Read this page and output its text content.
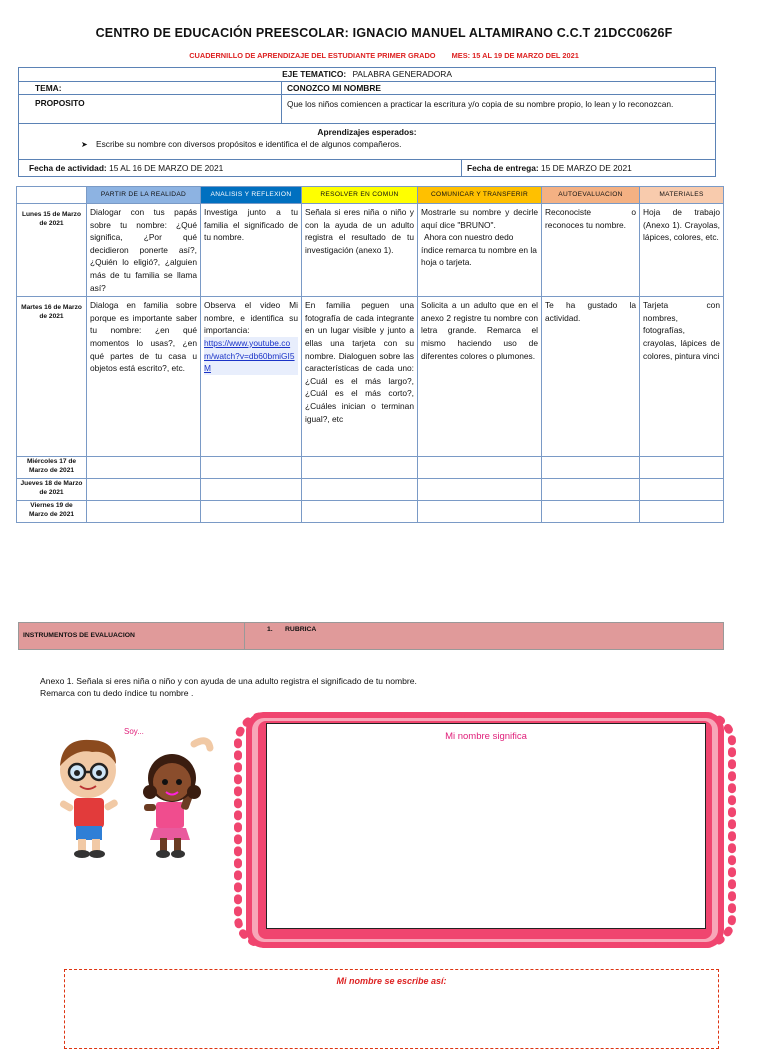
CENTRO DE EDUCACIÓN PREESCOLAR: IGNACIO MANUEL ALTAMIRANO C.C.T 21DCC0626F
CUADERNILLO DE APRENDIZAJE DEL ESTUDIANTE PRIMER GRADO MES: 15 AL 19 DE MARZO DEL 2021
EJE TEMATICO: PALABRA GENERADORA
TEMA:	CONOZCO MI NOMBRE
PROPOSITO	Que los niños comiencen a practicar la escritura y/o copia de su nombre propio, lo lean y lo reconozcan.
Aprendizajes esperados:
➤ Escribe su nombre con diversos propósitos e identifica el de algunos compañeros.
Fecha de actividad: 15 AL 16 DE MARZO DE 2021	Fecha de entrega: 15 DE MARZO DE 2021
	PARTIR DE LA REALIDAD	ANALISIS Y REFLEXION	RESOLVER EN COMUN	COMUNICAR Y TRANSFERIR	AUTOEVALUACION	MATERIALES
Lunes 15 de Marzo de 2021	Dialogar con tus papás sobre tu nombre: ¿Qué significa, ¿Por qué decidieron ponerte así?, ¿Quién lo eligió?, ¿alguien más de tu familia se llama así?	Investiga junto a tu familia el significado de tu nombre.	Señala si eres niña o niño y con la ayuda de un adulto registra el resultado de tu investigación (anexo 1).	Mostrarle su nombre y decirle aquí dice "BRUNO".
Ahora con nuestro dedo índice remarca tu nombre en la hoja o tarjeta.	Reconociste o reconoces tu nombre.	Hoja de trabajo (Anexo 1). Crayolas, lápices, colores, etc.
Martes 16 de Marzo de 2021	Dialoga en familia sobre porque es importante saber tu nombre: ¿en qué momentos lo usas?, ¿en qué partes de tu casa u objetos está escrito?, etc.	Observa el video Mi nombre, e identifica su importancia:
https://www.youtube.com/watch?v=db60bmiGI5M	En familia peguen una fotografía de cada integrante en un lugar visible y junto a ellas una tarjeta con su nombre. Dialoguen sobre las características de cada uno: ¿Cuál es el más largo?, ¿Cuál es el más corto?, ¿Cuáles inician o terminan igual?, etc	Solicita a un adulto que en el anexo 2 registre tu nombre con letra grande. Remarca el mismo haciendo uso de diferentes colores o plumones.	Te ha gustado la actividad.	Tarjeta con nombres, fotografías, crayolas, lápices de colores, pintura vinci
Miércoles 17 de Marzo de 2021						
Jueves 18 de Marzo de 2021						
Viernes 19 de Marzo de 2021						
INSTRUMENTOS DE EVALUACION
1. RUBRICA
Anexo 1. Señala si eres niña o niño y con ayuda de una adulto registra el significado de tu nombre.
Remarca con tu dedo índice tu nombre .
Soy...	Mi nombre significa
Mi nombre se escribe así:
